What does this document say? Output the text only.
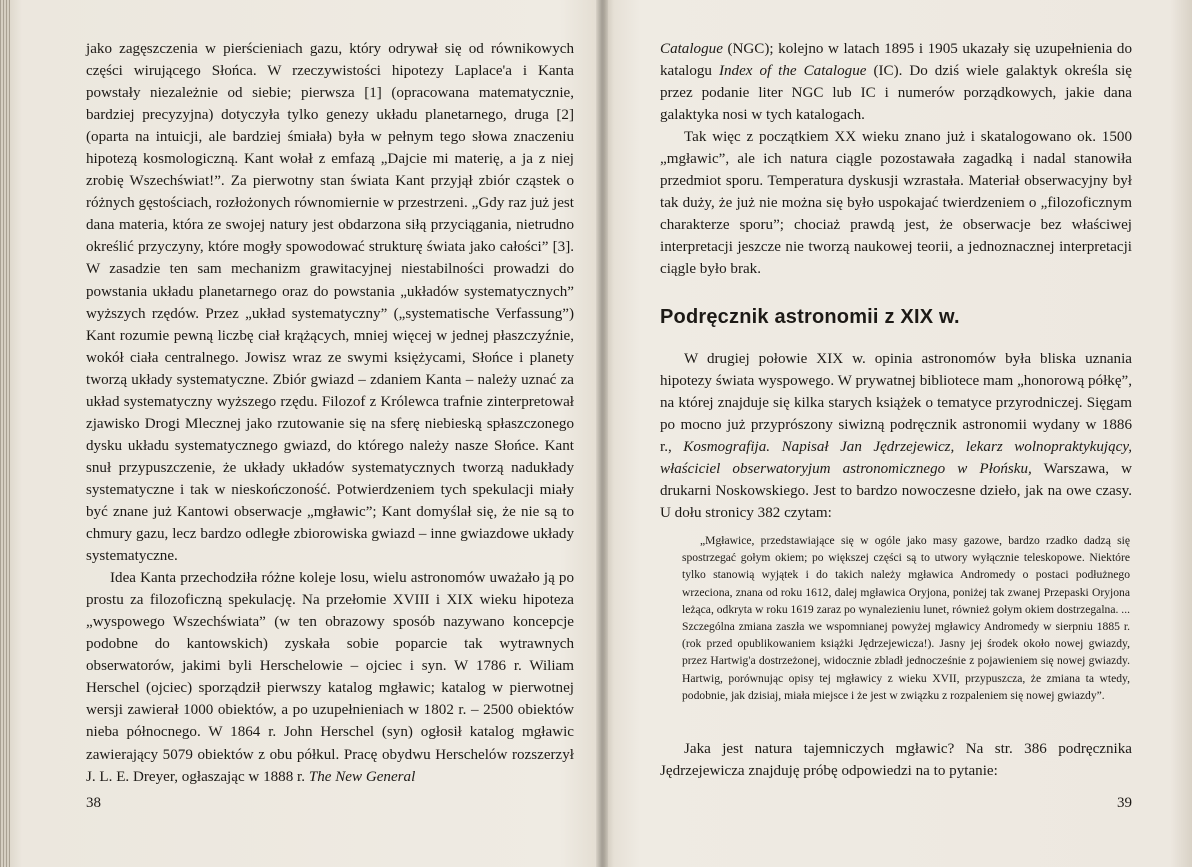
jako zagęszczenia w pierścieniach gazu, który odrywał się od równikowych części wirującego Słońca. W rzeczywistości hipotezy Laplace'a i Kanta powstały niezależnie od siebie; pierwsza [1] (opracowana matematycznie, bardziej precyzyjna) dotyczyła tylko genezy układu planetarnego, druga [2] (oparta na intuicji, ale bardziej śmiała) była w pełnym tego słowa znaczeniu hipotezą kosmologiczną. Kant wołał z emfazą „Dajcie mi materię, a ja z niej zrobię Wszechświat!”. Za pierwotny stan świata Kant przyjął zbiór cząstek o różnych gęstościach, rozłożonych równomiernie w przestrzeni. „Gdy raz już jest dana materia, która ze swojej natury jest obdarzona siłą przyciągania, nietrudno określić przyczyny, które mogły spowodować strukturę świata jako całości” [3]. W zasadzie ten sam mechanizm grawitacyjnej niestabilności prowadzi do powstania układu planetarnego oraz do powstania „układów systematycznych” wyższych rzędów. Przez „układ systematyczny” („systematische Verfassung”) Kant rozumie pewną liczbę ciał krążących, mniej więcej w jednej płaszczyźnie, wokół ciała centralnego. Jowisz wraz ze swymi księżycami, Słońce i planety tworzą układy systematyczne. Zbiór gwiazd – zdaniem Kanta – należy uznać za układ systematyczny wyższego rzędu. Filozof z Królewca trafnie zinterpretował zjawisko Drogi Mlecznej jako rzutowanie się na sferę niebieską spłaszczonego dysku układu systematycznego gwiazd, do którego należy nasze Słońce. Kant snuł przypuszczenie, że układy układów systematycznych tworzą nadukłady systematyczne i tak w nieskończoność. Potwierdzeniem tych spekulacji miały być znane już Kantowi obserwacje „mgławic”; Kant domyślał się, że nie są to chmury gazu, lecz bardzo odległe zbiorowiska gwiazd – inne gwiazdowe układy systematyczne.

Idea Kanta przechodziła różne koleje losu, wielu astronomów uważało ją po prostu za filozoficzną spekulację. Na przełomie XVIII i XIX wieku hipoteza „wyspowego Wszechświata” (w ten obrazowy sposób nazywano koncepcje podobne do kantowskich) zyskała sobie poparcie tak wytrawnych obserwatorów, jakimi byli Herschelowie – ojciec i syn. W 1786 r. Wiliam Herschel (ojciec) sporządził pierwszy katalog mgławic; katalog w pierwotnej wersji zawierał 1000 obiektów, a po uzupełnieniach w 1802 r. – 2500 obiektów nieba północnego. W 1864 r. John Herschel (syn) ogłosił katalog mgławic zawierający 5079 obiektów z obu półkul. Pracę obydwu Herschelów rozszerzył J. L. E. Dreyer, ogłaszając w 1888 r. The New General

38

Catalogue (NGC); kolejno w latach 1895 i 1905 ukazały się uzupełnienia do katalogu Index of the Catalogue (IC). Do dziś wiele galaktyk określa się przez podanie liter NGC lub IC i numerów porządkowych, jakie dana galaktyka nosi w tych katalogach.

Tak więc z początkiem XX wieku znano już i skatalogowano ok. 1500 „mgławic”, ale ich natura ciągle pozostawała zagadką i nadal stanowiła przedmiot sporu. Temperatura dyskusji wzrastała. Materiał obserwacyjny był tak duży, że już nie można się było uspokajać twierdzeniem o „filozoficznym charakterze sporu”; chociaż prawdą jest, że obserwacje bez właściwej interpretacji jeszcze nie tworzą naukowej teorii, a jednoznacznej interpretacji ciągle było brak.

Podręcznik astronomii z XIX w.

W drugiej połowie XIX w. opinia astronomów była bliska uznania hipotezy świata wyspowego. W prywatnej bibliotece mam „honorową półkę”, na której znajduje się kilka starych książek o tematyce przyrodniczej. Sięgam po mocno już przyprószony siwizną podręcznik astronomii wydany w 1886 r., Kosmografija. Napisał Jan Jędrzejewicz, lekarz wolnopraktykujący, właściciel obserwatoryjum astronomicznego w Płońsku, Warszawa, w drukarni Noskowskiego. Jest to bardzo nowoczesne dzieło, jak na owe czasy. U dołu stronicy 382 czytam:

„Mgławice, przedstawiające się w ogóle jako masy gazowe, bardzo rzadko dadzą się spostrzegać gołym okiem; po większej części są to utwory wyłącznie teleskopowe. Niektóre tylko stanowią wyjątek i do takich należy mgławica Andromedy o postaci podłużnego wrzeciona, znana od roku 1612, dalej mgławica Oryjona, poniżej tak zwanej Przepaski Oryjona leżąca, odkryta w roku 1619 zaraz po wynalezieniu lunet, również gołym okiem dostrzegalna. ... Szczególna zmiana zaszła we wspomnianej powyżej mgławicy Andromedy w sierpniu 1885 r. (rok przed opublikowaniem książki Jędrzejewicza!). Jasny jej środek około nowej gwiazdy, przez Hartwig'a dostrzeżonej, widocznie zbladł jednocześnie z pojawieniem się nowej gwiazdy. Hartwig, porównując opisy tej mgławicy z wieku XVII, przypuszcza, że zmiana ta wtedy, podobnie, jak dzisiaj, miała miejsce i że jest w związku z rozpaleniem się nowej gwiazdy”.

Jaka jest natura tajemniczych mgławic? Na str. 386 podręcznika Jędrzejewicza znajduję próbę odpowiedzi na to pytanie:

39
